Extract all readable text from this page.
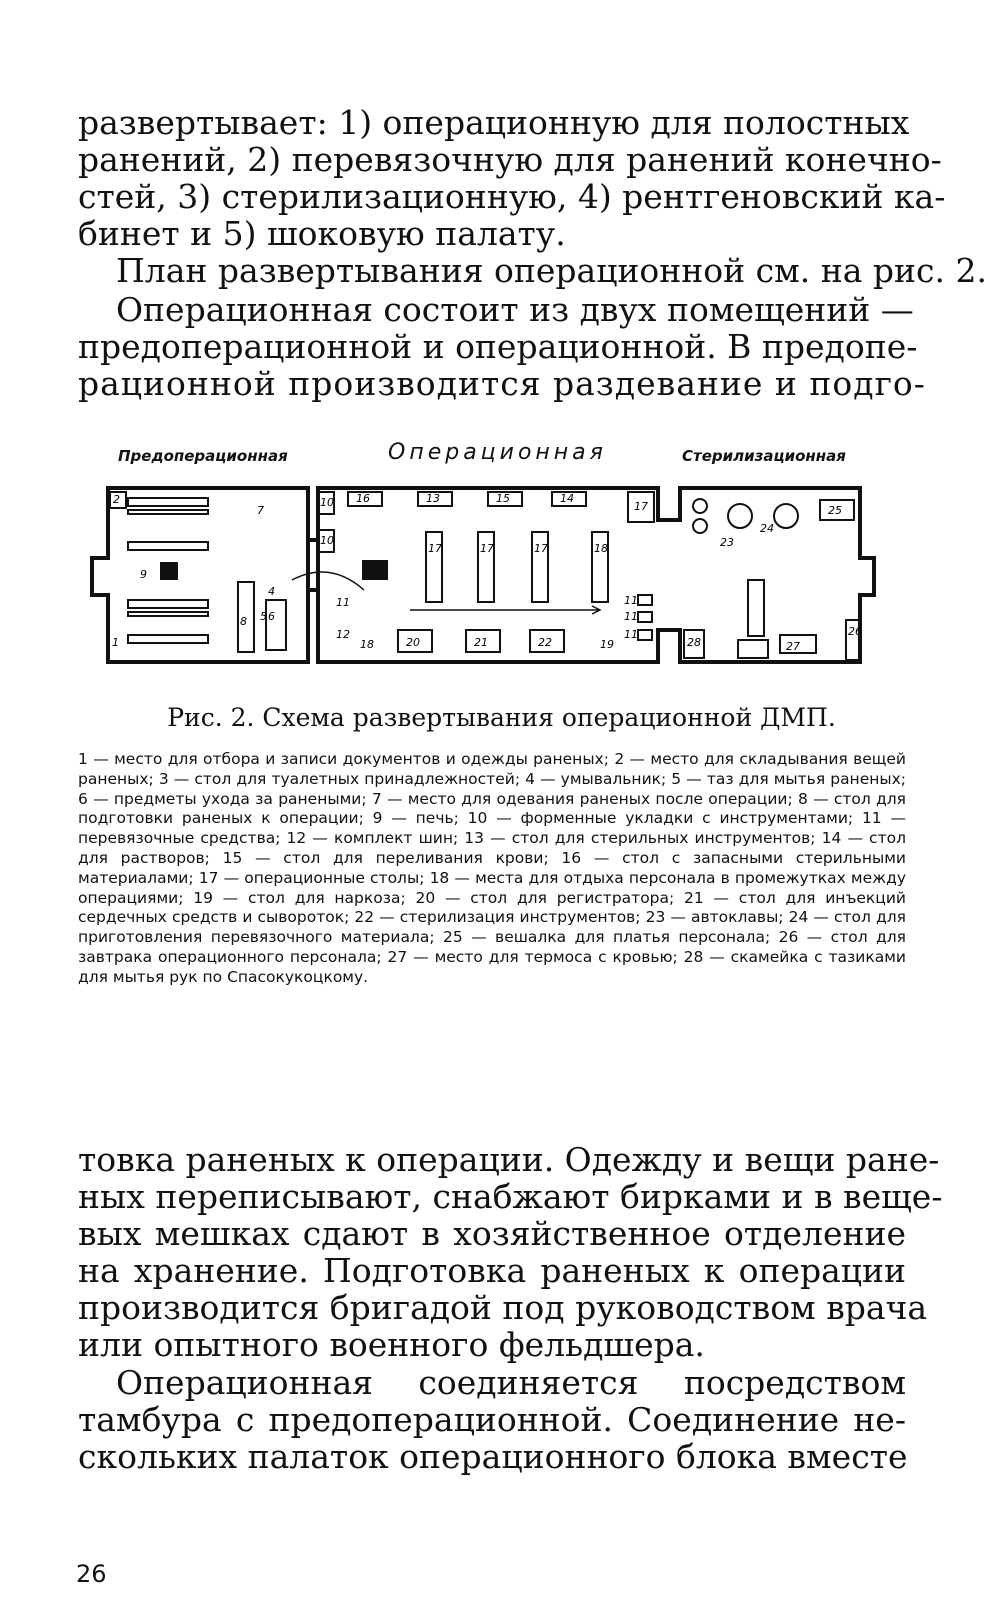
развертывает: 1) операционную для полостных
ранений, 2) перевязочную для ранений конечно-
стей, 3) стерилизационную, 4) рентгеновский ка-
бинет и 5) шоковую палату.
План развертывания операционной см. на рис. 2.
Операционная состоит из двух помещений —
предоперационной и операционной. В предопе-
рационной производится раздевание и подго-
Предоперационная	Операционная	Стерилизационная
2
1
7
9
4
8 6
5
10
10
16	13	15	14
17
17	17	17	18
11
12
18	20	21	22	19
11
11
11
23
24
25
26
27
28
Рис. 2. Схема развертывания операционной ДМП.

1 — место для отбора и записи документов и одежды раненых; 2 — место для складывания вещей раненых; 3 — стол для туалетных принадлежностей; 4 — умывальник; 5 — таз для мытья раненых; 6 — предметы ухода за ранеными; 7 — место для одевания раненых после операции; 8 — стол для подготовки раненых к операции; 9 — печь; 10 — форменные укладки с инструментами; 11 — перевязочные средства; 12 — комплект шин; 13 — стол для стерильных инструментов; 14 — стол для растворов; 15 — стол для переливания крови; 16 — стол с запасными стерильными материалами; 17 — операционные столы; 18 — места для отдыха персонала в промежутках между операциями; 19 — стол для наркоза; 20 — стол для регистратора; 21 — стол для инъекций сердечных средств и сывороток; 22 — стерилизация инструментов; 23 — автоклавы; 24 — стол для приготовления перевязочного материала; 25 — вешалка для платья персонала; 26 — стол для завтрака операционного персонала; 27 — место для термоса с кровью; 28 — скамейка с тазиками для мытья рук по Спасокукоцкому.

товка раненых к операции. Одежду и вещи ране-
ных переписывают, снабжают бирками и в веще-
вых мешках сдают в хозяйственное отделение
на хранение. Подготовка раненых к операции
производится бригадой под руководством врача
или опытного военного фельдшера.
Операционная соединяется посредством
тамбура с предоперационной. Соединение не-
скольких палаток операционного блока вместе
26
